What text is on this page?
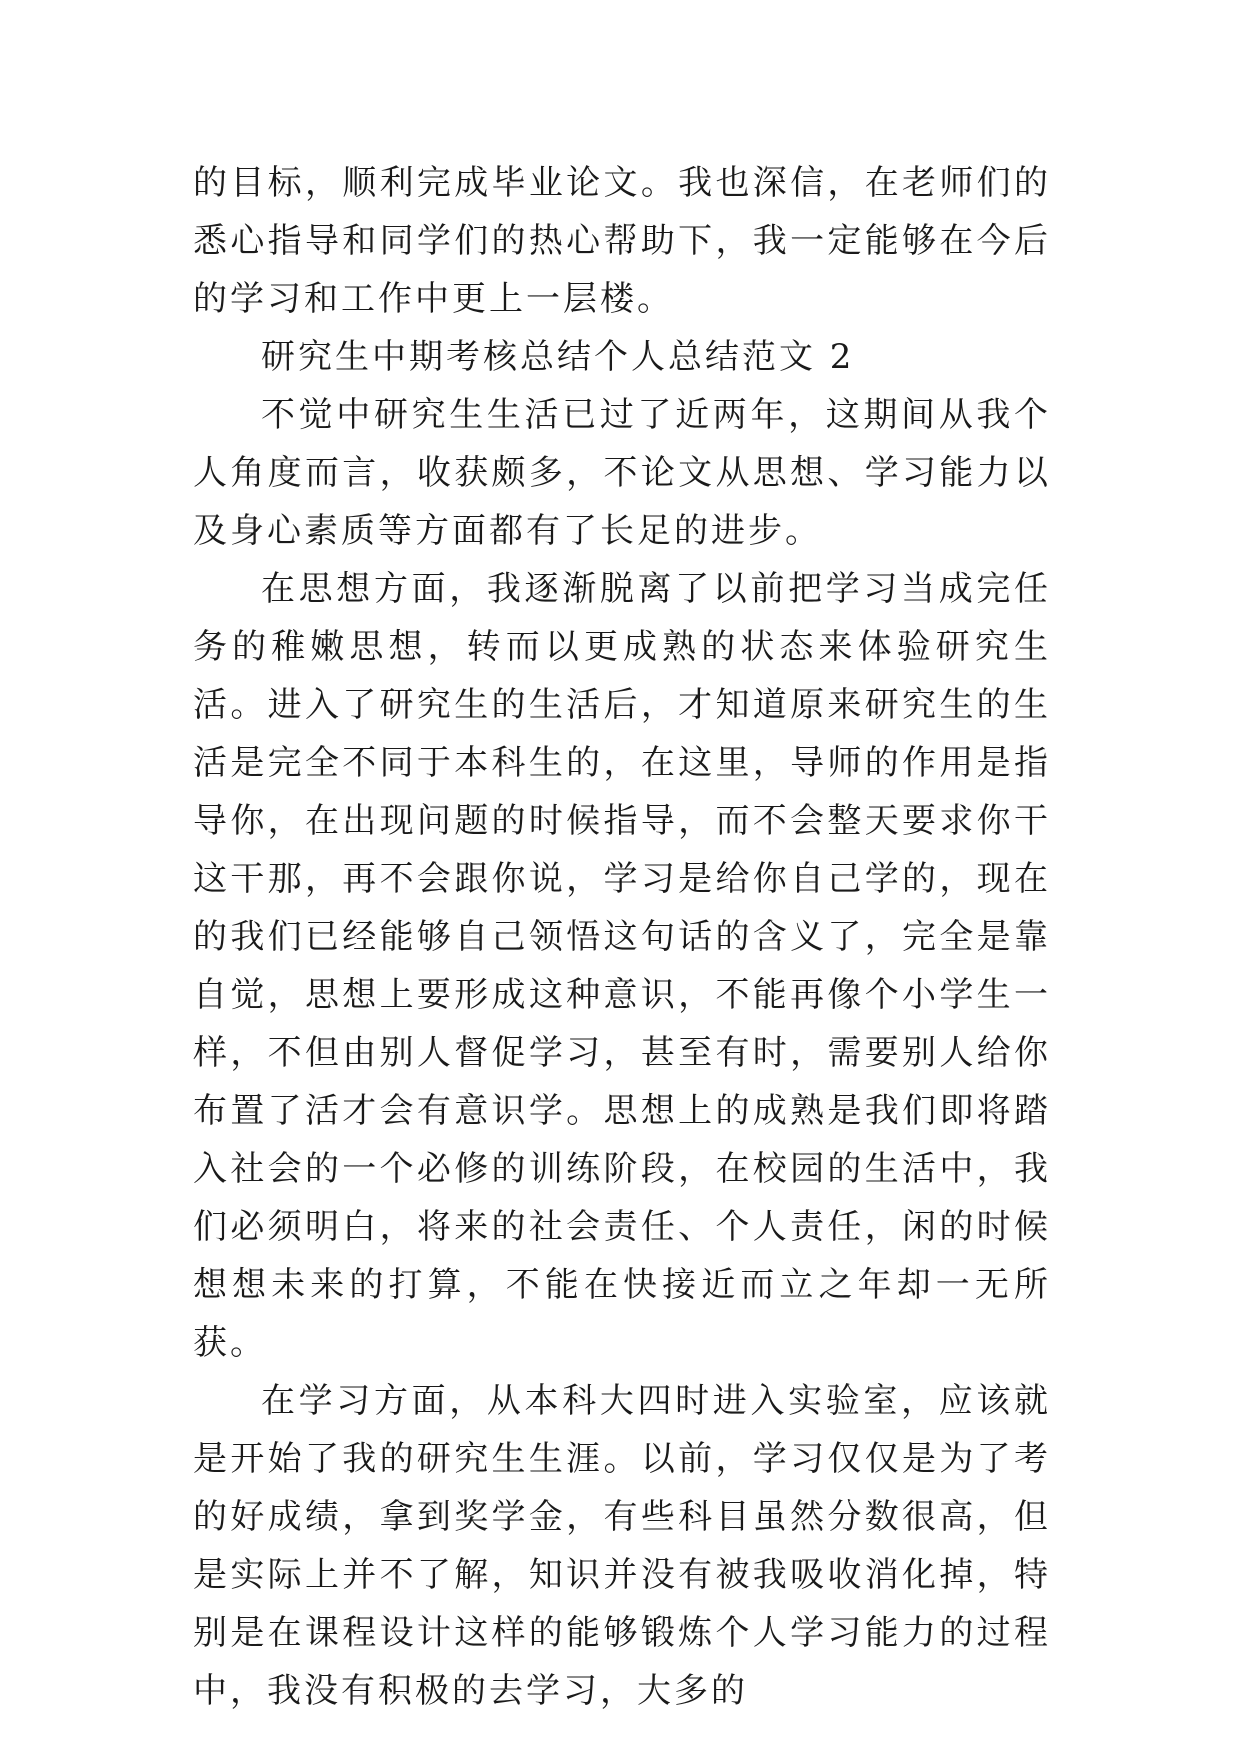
的目标，顺利完成毕业论文。我也深信，在老师们的悉心指导和同学们的热心帮助下，我一定能够在今后的学习和工作中更上一层楼。

研究生中期考核总结个人总结范文 2

不觉中研究生生活已过了近两年，这期间从我个人角度而言，收获颇多，不论文从思想、学习能力以及身心素质等方面都有了长足的进步。

在思想方面，我逐渐脱离了以前把学习当成完任务的稚嫩思想，转而以更成熟的状态来体验研究生活。进入了研究生的生活后，才知道原来研究生的生活是完全不同于本科生的，在这里，导师的作用是指导你，在出现问题的时候指导，而不会整天要求你干这干那，再不会跟你说，学习是给你自己学的，现在的我们已经能够自己领悟这句话的含义了，完全是靠自觉，思想上要形成这种意识，不能再像个小学生一样，不但由别人督促学习，甚至有时，需要别人给你布置了活才会有意识学。思想上的成熟是我们即将踏入社会的一个必修的训练阶段，在校园的生活中，我们必须明白，将来的社会责任、个人责任，闲的时候想想未来的打算，不能在快接近而立之年却一无所获。

在学习方面，从本科大四时进入实验室，应该就是开始了我的研究生生涯。以前，学习仅仅是为了考的好成绩，拿到奖学金，有些科目虽然分数很高，但是实际上并不了解，知识并没有被我吸收消化掉，特别是在课程设计这样的能够锻炼个人学习能力的过程中，我没有积极的去学习，大多的
